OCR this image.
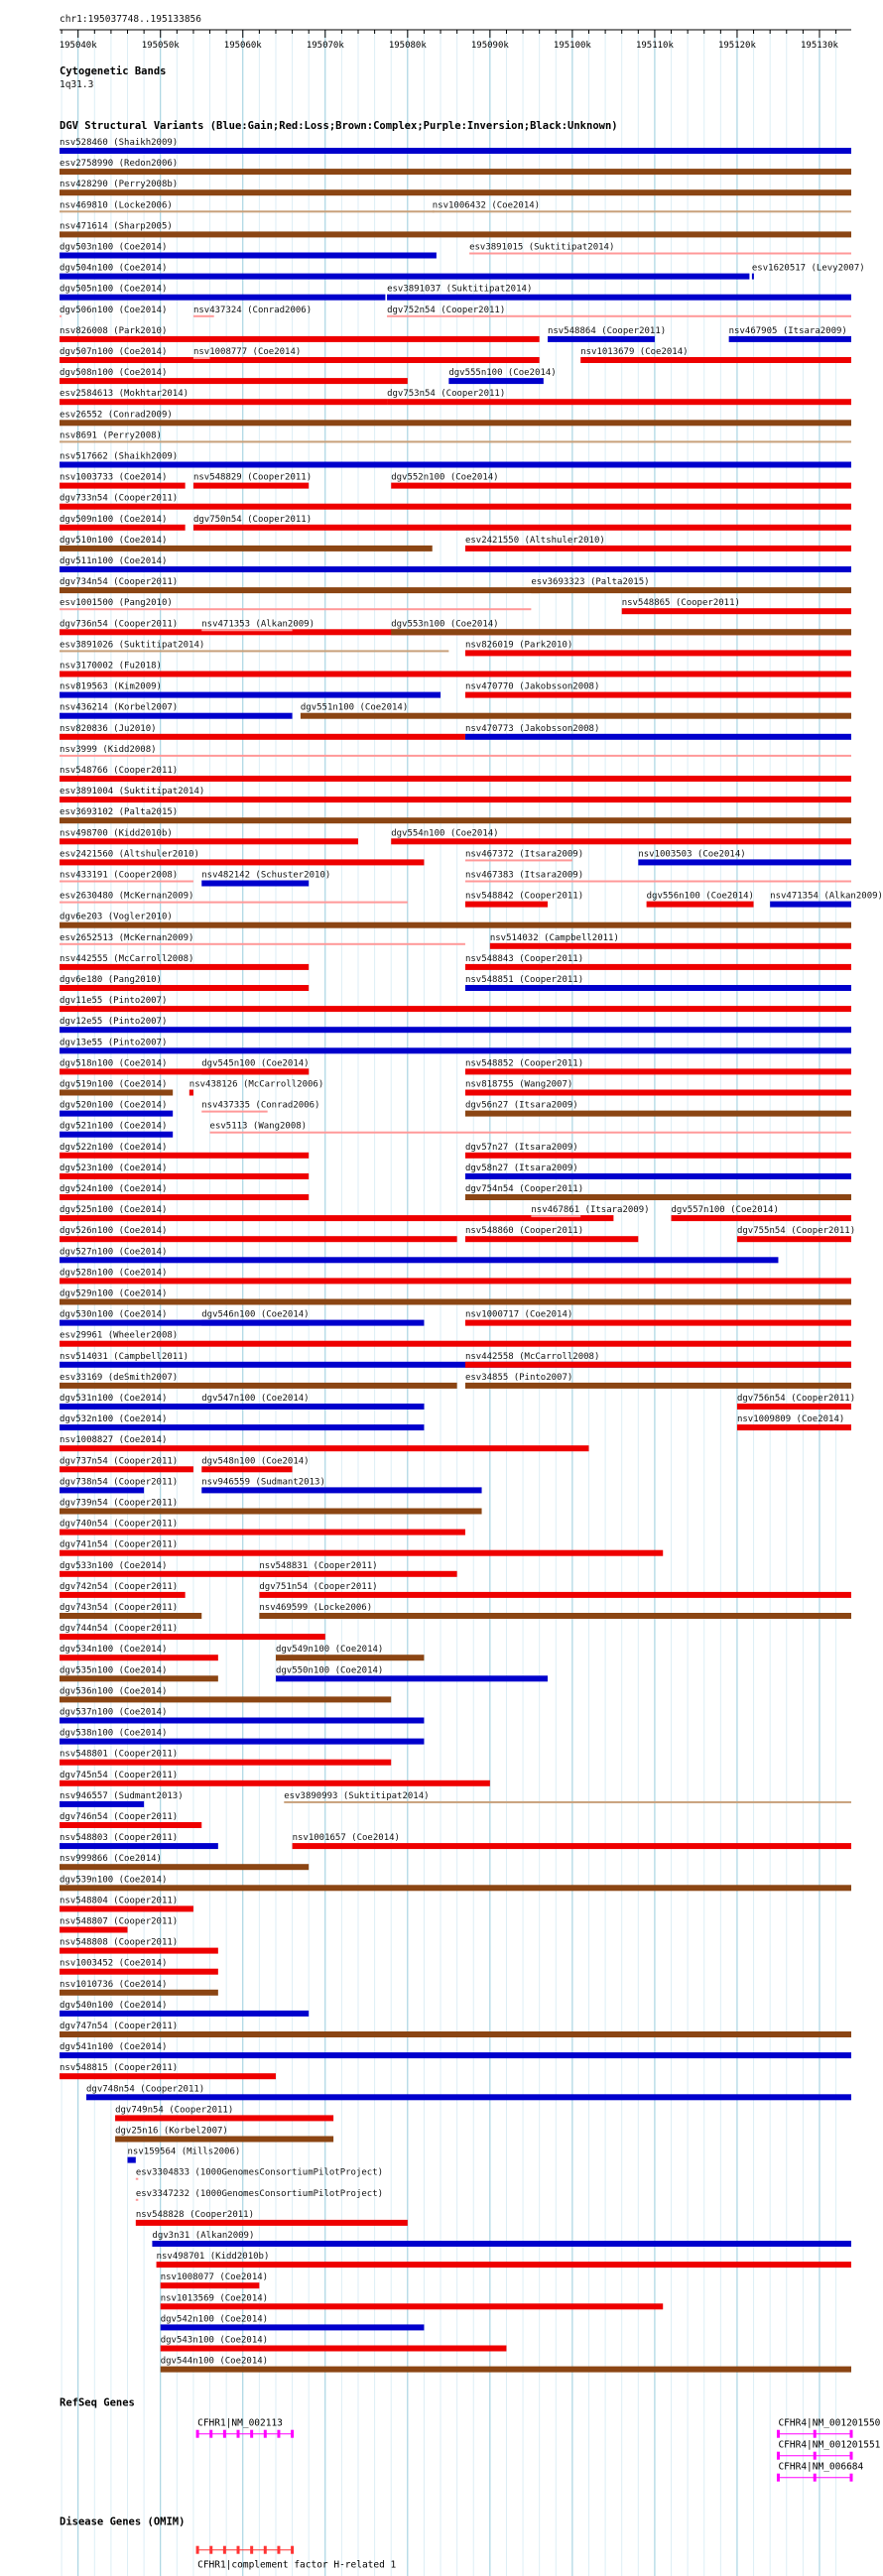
chr1:195037748..195133856
195040k	195050k	195060k	195070k	195080k	195090k	195100k	195110k	195120k	195130k
Cytogenetic Bands
1q31.3
DGV Structural Variants (Blue:Gain;Red:Loss;Brown:Complex;Purple:Inversion;Black:Unknown)
nsv528460 (Shaikh2009)
esv2758990 (Redon2006)
nsv428290 (Perry2008b)
nsv469810 (Locke2006)	nsv1006432 (Coe2014)
nsv471614 (Sharp2005)
dgv503n100 (Coe2014)	esv3891015 (Suktitipat2014)
dgv504n100 (Coe2014)	esv1620517 (Levy2007)
dgv505n100 (Coe2014)	esv3891037 (Suktitipat2014)
dgv506n100 (Coe2014)	nsv437324 (Conrad2006)	dgv752n54 (Cooper2011)
nsv826008 (Park2010)	nsv548864 (Cooper2011)	nsv467905 (Itsara2009)
dgv507n100 (Coe2014)	nsv1008777 (Coe2014)	nsv1013679 (Coe2014)
dgv508n100 (Coe2014)	dgv555n100 (Coe2014)
esv2584613 (Mokhtar2014)	dgv753n54 (Cooper2011)
esv26552 (Conrad2009)
nsv8691 (Perry2008)
nsv517662 (Shaikh2009)
nsv1003733 (Coe2014)	nsv548829 (Cooper2011)	dgv552n100 (Coe2014)
dgv733n54 (Cooper2011)
dgv509n100 (Coe2014)	dgv750n54 (Cooper2011)
dgv510n100 (Coe2014)	esv2421550 (Altshuler2010)
dgv511n100 (Coe2014)
dgv734n54 (Cooper2011)	esv3693323 (Palta2015)
esv1001500 (Pang2010)	nsv548865 (Cooper2011)
dgv736n54 (Cooper2011)	nsv471353 (Alkan2009)	dgv553n100 (Coe2014)
esv3891026 (Suktitipat2014)	nsv826019 (Park2010)
nsv3170002 (Fu2018)
nsv819563 (Kim2009)	nsv470770 (Jakobsson2008)
nsv436214 (Korbel2007)	dgv551n100 (Coe2014)
nsv820836 (Ju2010)	nsv470773 (Jakobsson2008)
nsv3999 (Kidd2008)
nsv548766 (Cooper2011)
esv3891004 (Suktitipat2014)
esv3693102 (Palta2015)
nsv498700 (Kidd2010b)	dgv554n100 (Coe2014)
esv2421560 (Altshuler2010)	nsv467372 (Itsara2009)	nsv1003503 (Coe2014)
nsv433191 (Cooper2008)	nsv482142 (Schuster2010)	nsv467383 (Itsara2009)
esv2630480 (McKernan2009)	nsv548842 (Cooper2011)	dgv556n100 (Coe2014) nsv471354 (Alkan2009)
dgv6e203 (Vogler2010)
esv2652513 (McKernan2009)	nsv514032 (Campbell2011)
nsv442555 (McCarroll2008)	nsv548843 (Cooper2011)
dgv6e180 (Pang2010)	nsv548851 (Cooper2011)
dgv11e55 (Pinto2007)
dgv12e55 (Pinto2007)
dgv13e55 (Pinto2007)
dgv518n100 (Coe2014)	dgv545n100 (Coe2014)	nsv548852 (Cooper2011)
dgv519n100 (Coe2014) nsv438126 (McCarroll2006)	nsv818755 (Wang2007)
dgv520n100 (Coe2014)	nsv437335 (Conrad2006)	dgv56n27 (Itsara2009)
dgv521n100 (Coe2014)	esv5113 (Wang2008)
dgv522n100 (Coe2014)	dgv57n27 (Itsara2009)
dgv523n100 (Coe2014)	dgv58n27 (Itsara2009)
dgv524n100 (Coe2014)	dgv754n54 (Cooper2011)
dgv525n100 (Coe2014)	nsv467861 (Itsara2009) dgv557n100 (Coe2014)
dgv526n100 (Coe2014)	nsv548860 (Cooper2011)	dgv755n54 (Cooper2011)
dgv527n100 (Coe2014)
dgv528n100 (Coe2014)
dgv529n100 (Coe2014)
dgv530n100 (Coe2014)	dgv546n100 (Coe2014)	nsv1000717 (Coe2014)
esv29961 (Wheeler2008)
nsv514031 (Campbell2011)	nsv442558 (McCarroll2008)
esv33169 (deSmith2007)	esv34855 (Pinto2007)
dgv531n100 (Coe2014)	dgv547n100 (Coe2014)	dgv756n54 (Cooper2011)
dgv532n100 (Coe2014)	nsv1009809 (Coe2014)
nsv1008827 (Coe2014)
dgv737n54 (Cooper2011)	dgv548n100 (Coe2014)
dgv738n54 (Cooper2011)	nsv946559 (Sudmant2013)
dgv739n54 (Cooper2011)
dgv740n54 (Cooper2011)
dgv741n54 (Cooper2011)
dgv533n100 (Coe2014)	nsv548831 (Cooper2011)
dgv742n54 (Cooper2011)	dgv751n54 (Cooper2011)
dgv743n54 (Cooper2011)	nsv469599 (Locke2006)
dgv744n54 (Cooper2011)
dgv534n100 (Coe2014)	dgv549n100 (Coe2014)
dgv535n100 (Coe2014)	dgv550n100 (Coe2014)
dgv536n100 (Coe2014)
dgv537n100 (Coe2014)
dgv538n100 (Coe2014)
nsv548801 (Cooper2011)
dgv745n54 (Cooper2011)
nsv946557 (Sudmant2013)	esv3890993 (Suktitipat2014)
dgv746n54 (Cooper2011)
nsv548803 (Cooper2011)	nsv1001657 (Coe2014)
nsv999866 (Coe2014)
dgv539n100 (Coe2014)
nsv548804 (Cooper2011)
nsv548807 (Cooper2011)
nsv548808 (Cooper2011)
nsv1003452 (Coe2014)
nsv1010736 (Coe2014)
dgv540n100 (Coe2014)
dgv747n54 (Cooper2011)
dgv541n100 (Coe2014)
nsv548815 (Cooper2011)
dgv748n54 (Cooper2011)
dgv749n54 (Cooper2011)
dgv25n16 (Korbel2007)
nsv159564 (Mills2006)
esv3304833 (1000GenomesConsortiumPilotProject)
esv3347232 (1000GenomesConsortiumPilotProject)
nsv548828 (Cooper2011)
dgv3n31 (Alkan2009)
nsv498701 (Kidd2010b)
nsv1008077 (Coe2014)
nsv1013569 (Coe2014)
dgv542n100 (Coe2014)
dgv543n100 (Coe2014)
dgv544n100 (Coe2014)
RefSeq Genes
CFHR1|NM_002113	CFHR4|NM_001201550
CFHR4|NM_001201551
CFHR4|NM_006684
Disease Genes (OMIM)
CFHR1|complement factor H-related 1
